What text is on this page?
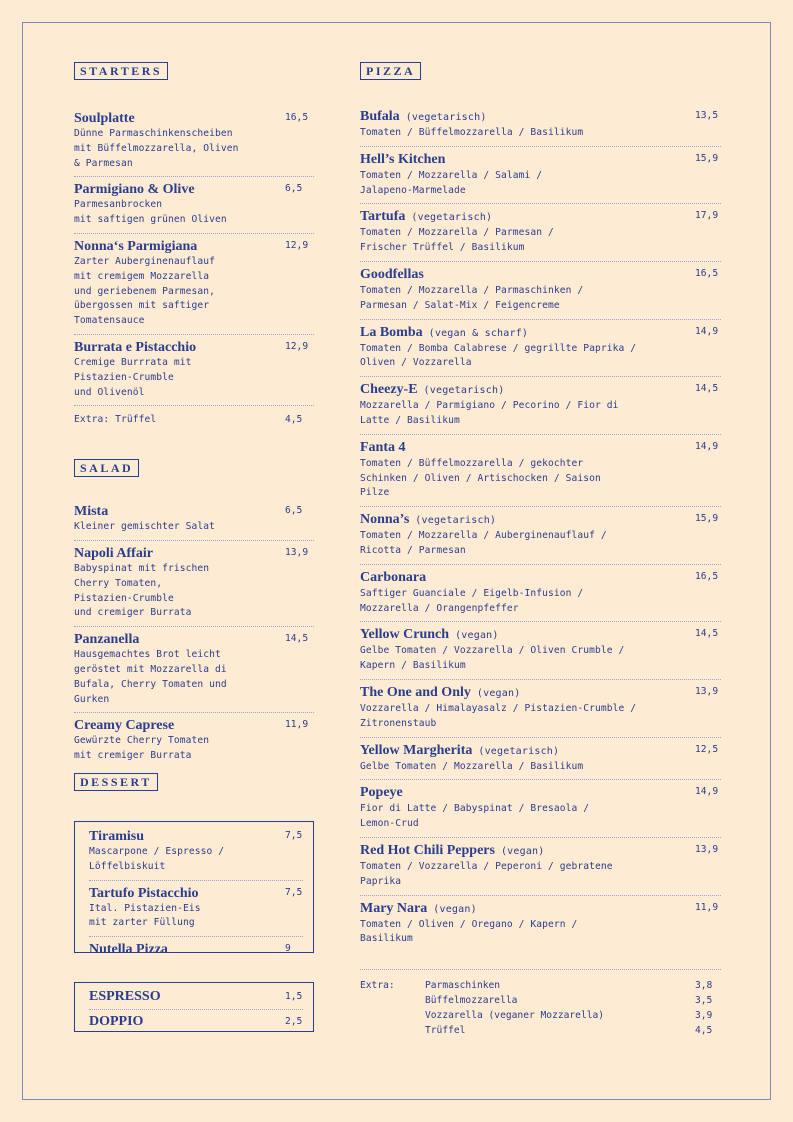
STARTERS
Soulplatte
Dünne Parmaschinkenscheiben
mit Büffelmozzarella, Oliven
& Parmesan
16,5
Parmigiano & Olive
Parmesanbrocken
mit saftigen grünen Oliven
6,5
Nonna‘s Parmigiana
Zarter Auberginenauflauf
mit cremigem Mozzarella
und geriebenem Parmesan,
übergossen mit saftiger
Tomatensauce
12,9
Burrata e Pistacchio
Cremige Burrrata mit
Pistazien-Crumble
und Olivenöl
12,9
Extra: Trüffel	4,5
SALAD
Mista
Kleiner gemischter Salat
6,5
Napoli Affair
Babyspinat mit frischen
Cherry Tomaten,
Pistazien-Crumble
und cremiger Burrata
13,9
Panzanella
Hausgemachtes Brot leicht
geröstet mit Mozzarella di
Bufala, Cherry Tomaten und
Gurken
14,5
Creamy Caprese
Gewürzte Cherry Tomaten
mit cremiger Burrata
11,9
DESSERT
Tiramisu
Mascarpone / Espresso /
Löffelbiskuit
7,5
Tartufo Pistacchio
Ital. Pistazien-Eis
mit zarter Füllung
7,5
Nutella Pizza	9
ESPRESSO	1,5
DOPPIO	2,5
PIZZA
Bufala (vegetarisch)
Tomaten / Büffelmozzarella / Basilikum
13,5
Hell’s Kitchen
Tomaten / Mozzarella / Salami /
Jalapeno-Marmelade
15,9
Tartufa (vegetarisch)
Tomaten / Mozzarella / Parmesan /
Frischer Trüffel / Basilikum
17,9
Goodfellas
Tomaten / Mozzarella / Parmaschinken /
Parmesan / Salat-Mix / Feigencreme
16,5
La Bomba (vegan & scharf)
Tomaten / Bomba Calabrese / gegrillte Paprika /
Oliven / Vozzarella
14,9
Cheezy-E (vegetarisch)
Mozzarella / Parmigiano / Pecorino / Fior di
Latte / Basilikum
14,5
Fanta 4
Tomaten / Büffelmozzarella / gekochter
Schinken / Oliven / Artischocken / Saison
Pilze
14,9
Nonna’s (vegetarisch)
Tomaten / Mozzarella / Auberginenauflauf /
Ricotta / Parmesan
15,9
Carbonara
Saftiger Guanciale / Eigelb-Infusion /
Mozzarella / Orangenpfeffer
16,5
Yellow Crunch (vegan)
Gelbe Tomaten / Vozzarella / Oliven Crumble /
Kapern / Basilikum
14,5
The One and Only (vegan)
Vozzarella / Himalayasalz / Pistazien-Crumble /
Zitronenstaub
13,9
Yellow Margherita (vegetarisch)
Gelbe Tomaten / Mozzarella / Basilikum
12,5
Popeye
Fior di Latte / Babyspinat / Bresaola /
Lemon-Crud
14,9
Red Hot Chili Peppers (vegan)
Tomaten / Vozzarella / Peperoni / gebratene
Paprika
13,9
Mary Nara (vegan)
Tomaten / Oliven / Oregano / Kapern /
Basilikum
11,9
Extra:	Parmaschinken	3,8
Büffelmozzarella	3,5
Vozzarella (veganer Mozzarella)	3,9
Trüffel	4,5
